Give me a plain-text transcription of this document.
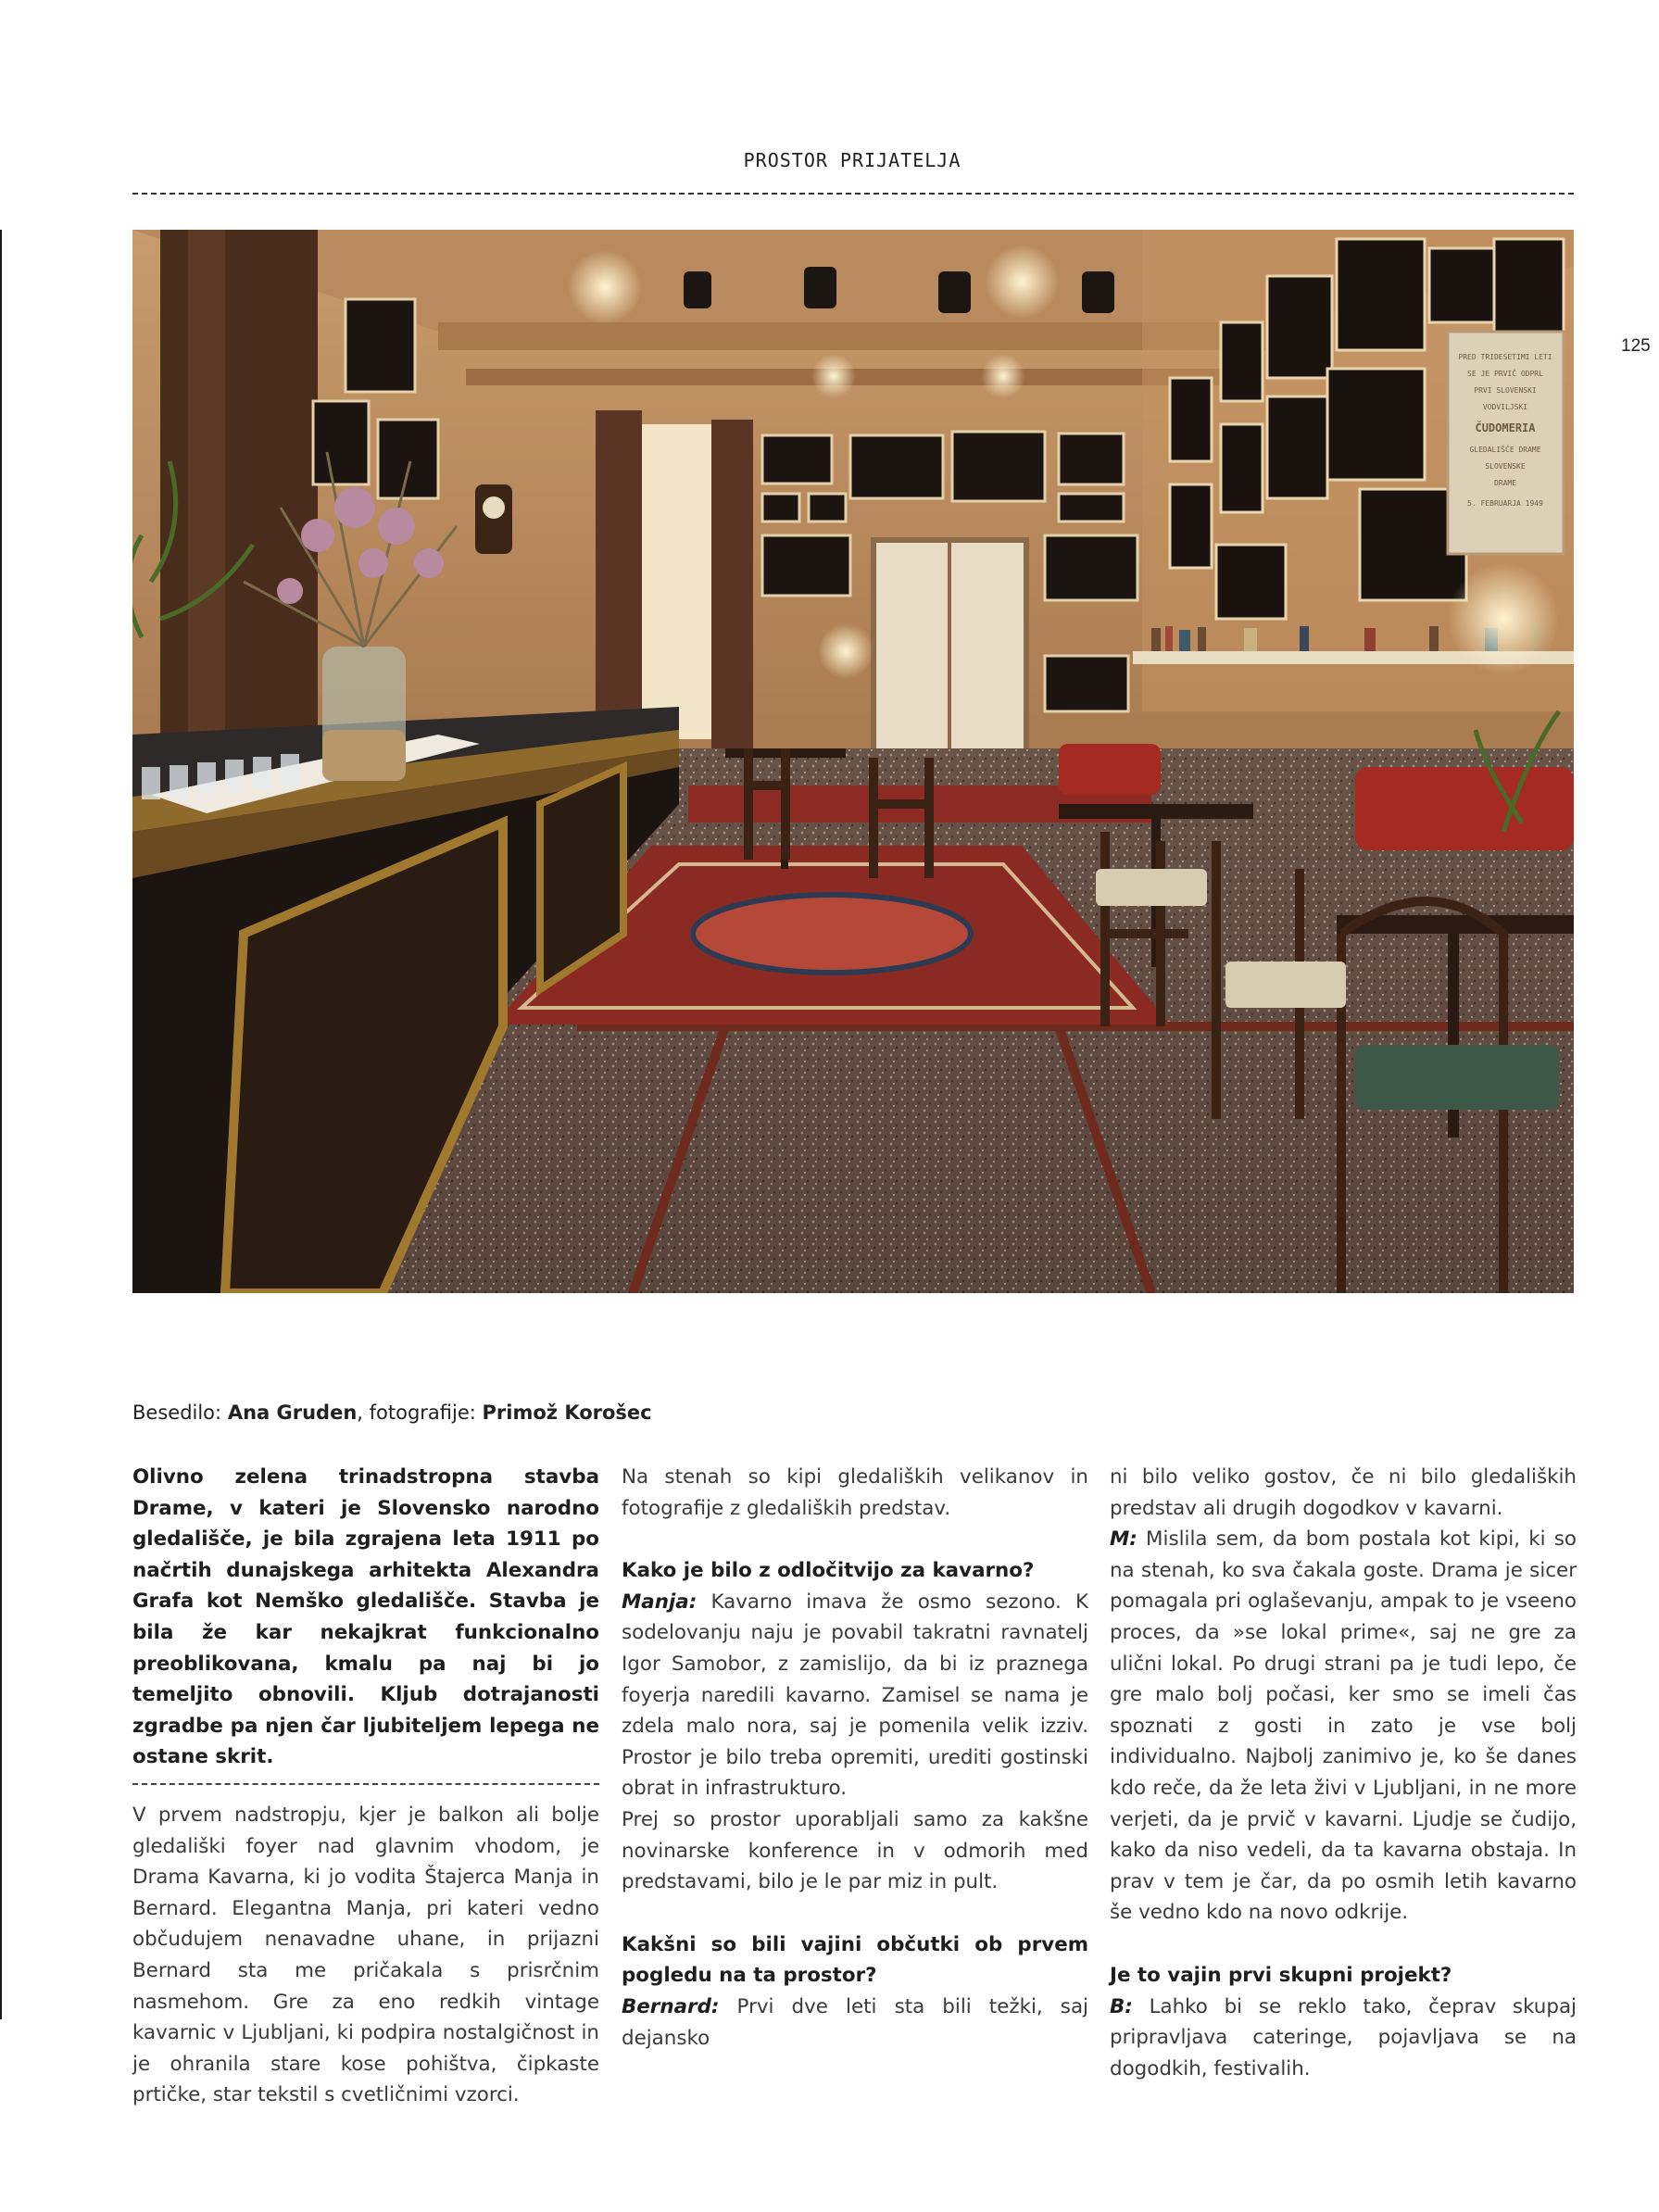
PROSTOR PRIJATELJA
125
PRED TRIDESETIMI LETI
SE JE PRVIČ ODPRL
PRVI SLOVENSKI
VODVILJSKI
ČUDOMERIA
GLEDALIŠČE DRAME
SLOVENSKE
DRAME
5. FEBRUARJA 1949
Besedilo: Ana Gruden, fotografije: Primož Korošec

Olivno zelena trinadstropna stavba Drame, v kateri je Slovensko narodno gledališče, je bila zgrajena leta 1911 po načrtih dunajskega arhitekta Alexandra Grafa kot Nemško gledališče. Stavba je bila že kar nekajkrat funkcionalno preoblikovana, kmalu pa naj bi jo temeljito obnovili. Kljub dotrajanosti zgradbe pa njen čar ljubiteljem lepega ne ostane skrit.

V prvem nadstropju, kjer je balkon ali bolje gledališki foyer nad glavnim vhodom, je Drama Kavarna, ki jo vodita Štajerca Manja in Bernard. Elegantna Manja, pri kateri vedno občudujem nenavadne uhane, in prijazni Bernard sta me pričakala s prisrčnim nasmehom. Gre za eno redkih vintage kavarnic v Ljubljani, ki podpira nostalgičnost in je ohranila stare kose pohištva, čipkaste prtičke, star tekstil s cvetličnimi vzorci.

Na stenah so kipi gledaliških velikanov in fotografije z gledaliških predstav.

Kako je bilo z odločitvijo za kavarno?

Manja: Kavarno imava že osmo sezono. K sodelovanju naju je povabil takratni ravnatelj Igor Samobor, z zamislijo, da bi iz praznega foyerja naredili kavarno. Zamisel se nama je zdela malo nora, saj je pomenila velik izziv. Prostor je bilo treba opremiti, urediti gostinski obrat in infrastrukturo.

Prej so prostor uporabljali samo za kakšne novinarske konference in v odmorih med predstavami, bilo je le par miz in pult.

Kakšni so bili vajini občutki ob prvem pogledu na ta prostor?

Bernard: Prvi dve leti sta bili težki, saj dejansko

ni bilo veliko gostov, če ni bilo gledaliških predstav ali drugih dogodkov v kavarni.

M: Mislila sem, da bom postala kot kipi, ki so na stenah, ko sva čakala goste. Drama je sicer pomagala pri oglaševanju, ampak to je vseeno proces, da »se lokal prime«, saj ne gre za ulični lokal. Po drugi strani pa je tudi lepo, če gre malo bolj počasi, ker smo se imeli čas spoznati z gosti in zato je vse bolj individualno. Najbolj zanimivo je, ko še danes kdo reče, da že leta živi v Ljubljani, in ne more verjeti, da je prvič v kavarni. Ljudje se čudijo, kako da niso vedeli, da ta kavarna obstaja. In prav v tem je čar, da po osmih letih kavarno še vedno kdo na novo odkrije.

Je to vajin prvi skupni projekt?

B: Lahko bi se reklo tako, čeprav skupaj pripravljava cateringe, pojavljava se na dogodkih, festivalih.
